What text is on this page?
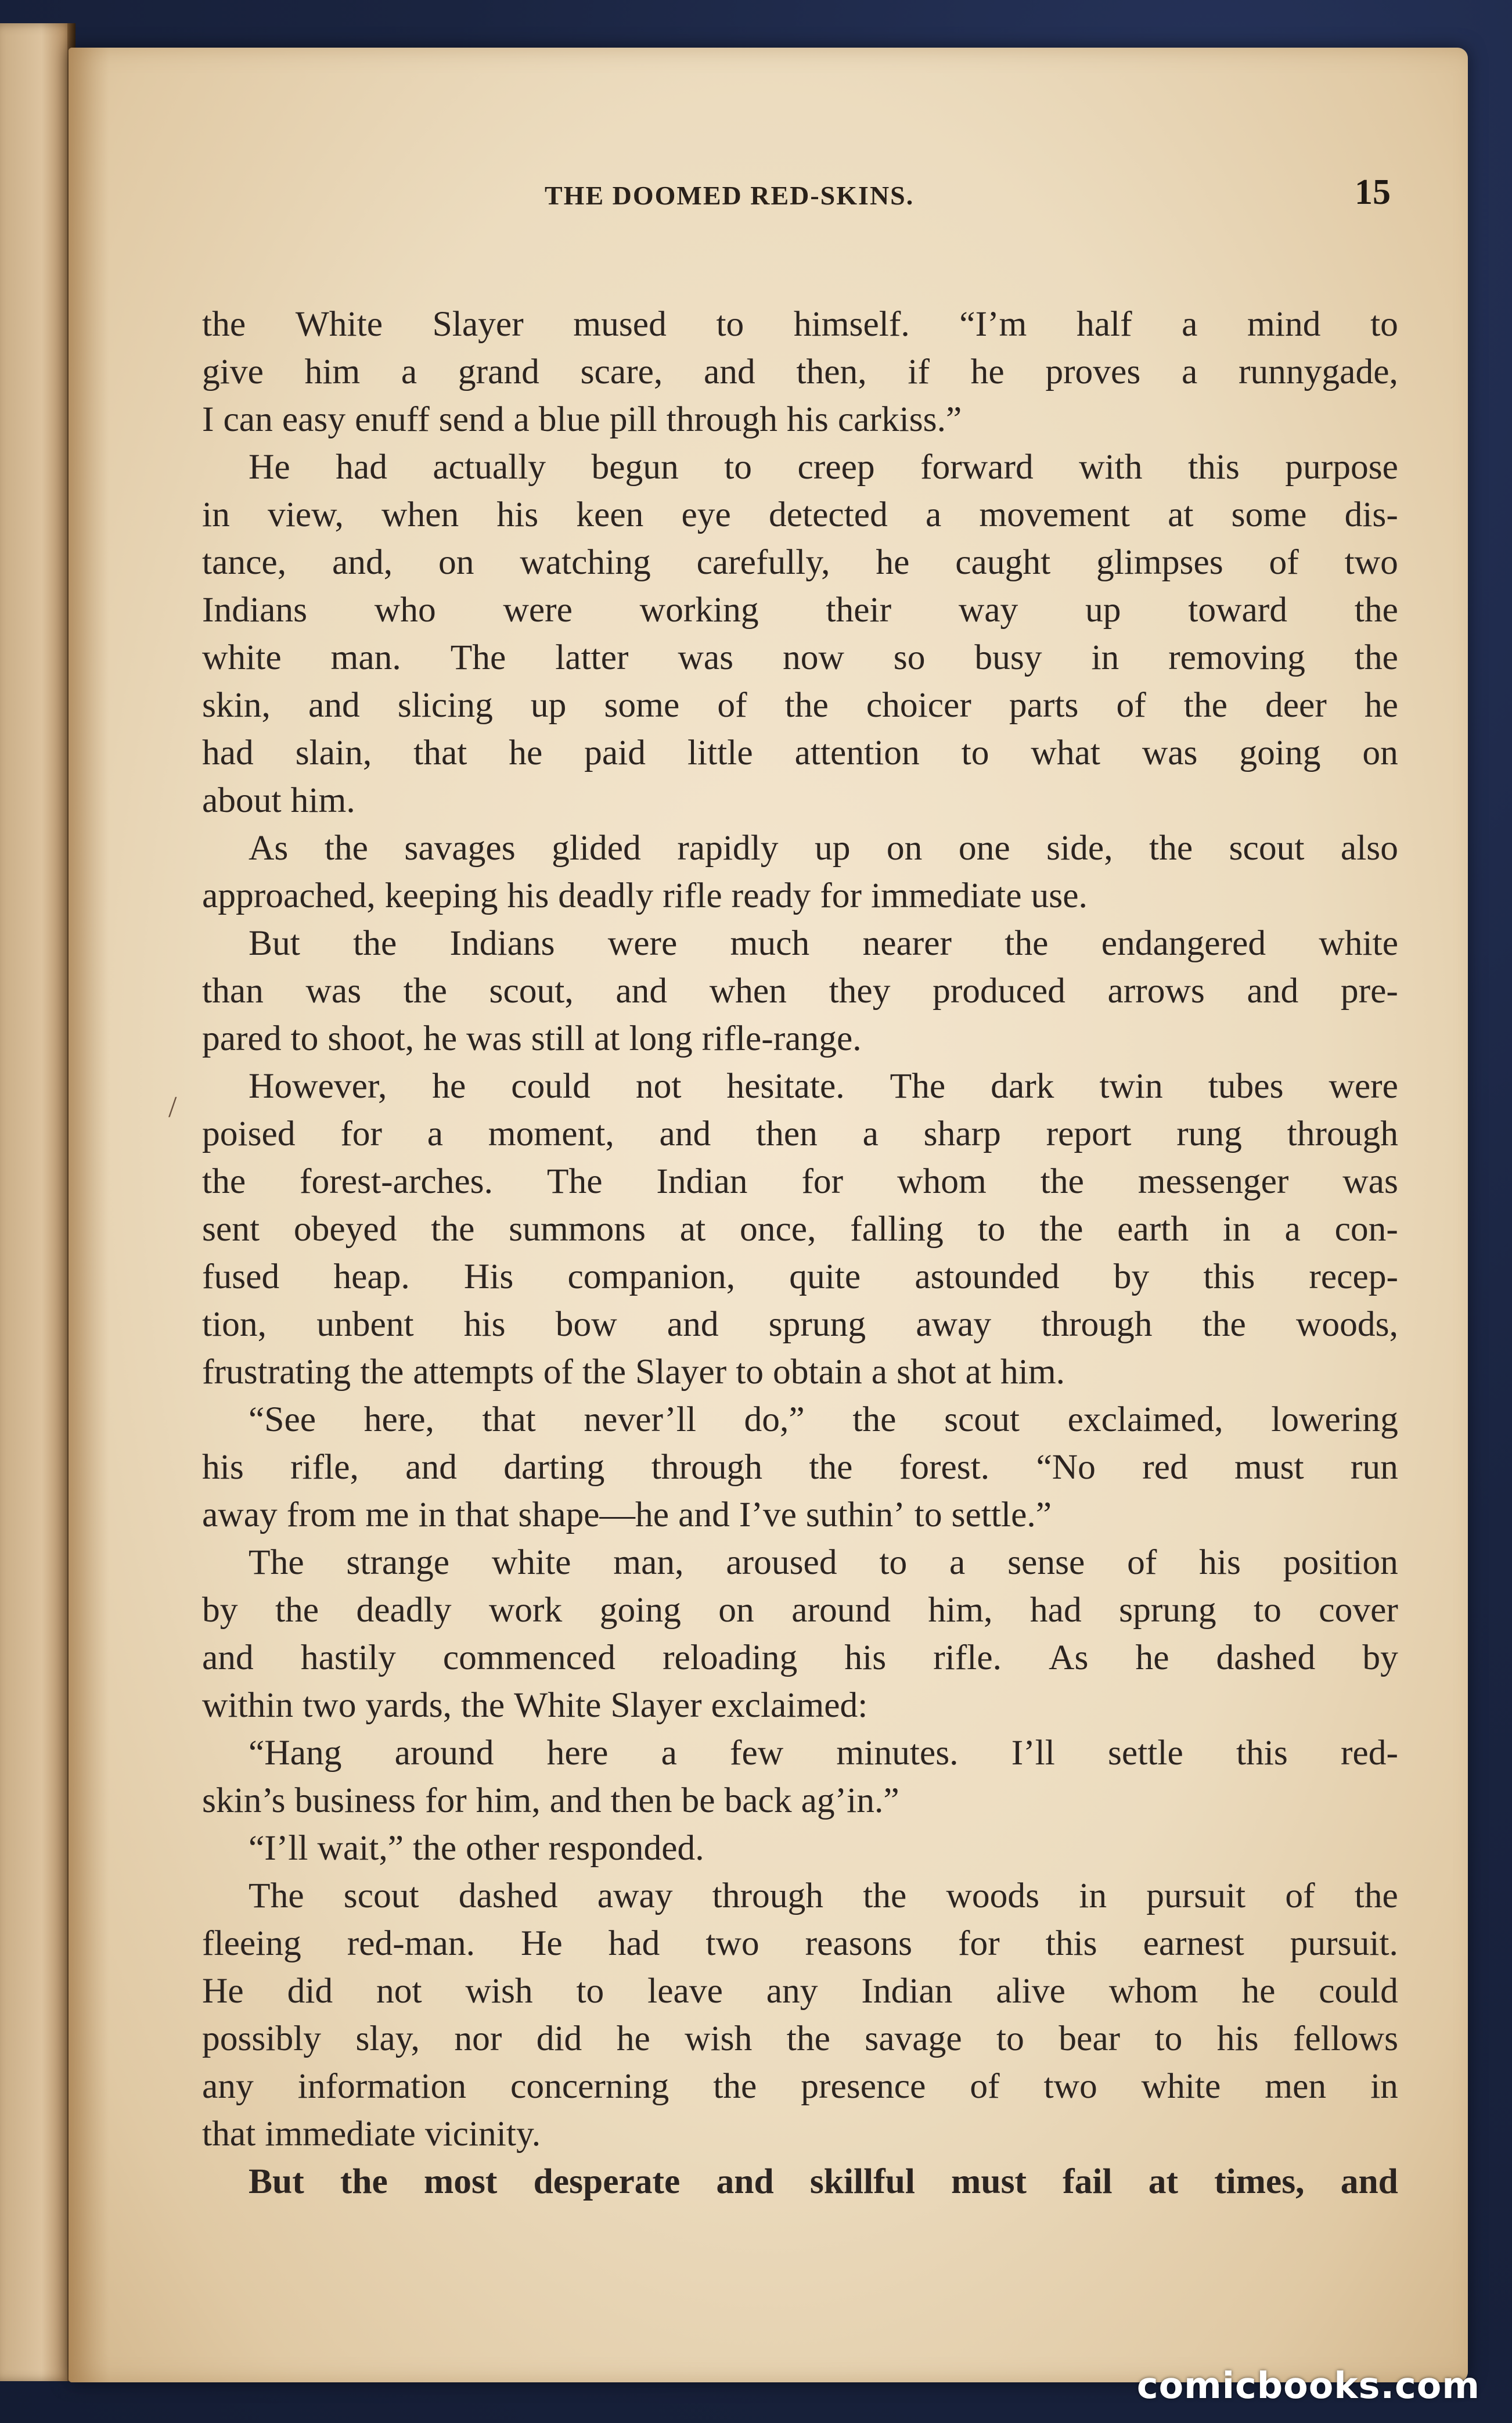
THE DOOMED RED-SKINS.	15
the White Slayer mused to himself. “I’m half a mind to
give him a grand scare, and then, if he proves a runnygade,
I can easy enuff send a blue pill through his carkiss.”
He had actually begun to creep forward with this purpose
in view, when his keen eye detected a movement at some dis-
tance, and, on watching carefully, he caught glimpses of two
Indians who were working their way up toward the
white man. The latter was now so busy in removing the
skin, and slicing up some of the choicer parts of the deer he
had slain, that he paid little attention to what was going on
about him.
As the savages glided rapidly up on one side, the scout also
approached, keeping his deadly rifle ready for immediate use.
But the Indians were much nearer the endangered white
than was the scout, and when they produced arrows and pre-
pared to shoot, he was still at long rifle-range.
However, he could not hesitate. The dark twin tubes were
poised for a moment, and then a sharp report rung through
the forest-arches. The Indian for whom the messenger was
sent obeyed the summons at once, falling to the earth in a con-
fused heap. His companion, quite astounded by this recep-
tion, unbent his bow and sprung away through the woods,
frustrating the attempts of the Slayer to obtain a shot at him.
“See here, that never’ll do,” the scout exclaimed, lowering
his rifle, and darting through the forest. “No red must run
away from me in that shape—he and I’ve suthin’ to settle.”
The strange white man, aroused to a sense of his position
by the deadly work going on around him, had sprung to cover
and hastily commenced reloading his rifle. As he dashed by
within two yards, the White Slayer exclaimed:
“Hang around here a few minutes. I’ll settle this red-
skin’s business for him, and then be back ag’in.”
“I’ll wait,” the other responded.
The scout dashed away through the woods in pursuit of the
fleeing red-man. He had two reasons for this earnest pursuit.
He did not wish to leave any Indian alive whom he could
possibly slay, nor did he wish the savage to bear to his fellows
any information concerning the presence of two white men in
that immediate vicinity.
But the most desperate and skillful must fail at times, and
/
comicbooks.com
